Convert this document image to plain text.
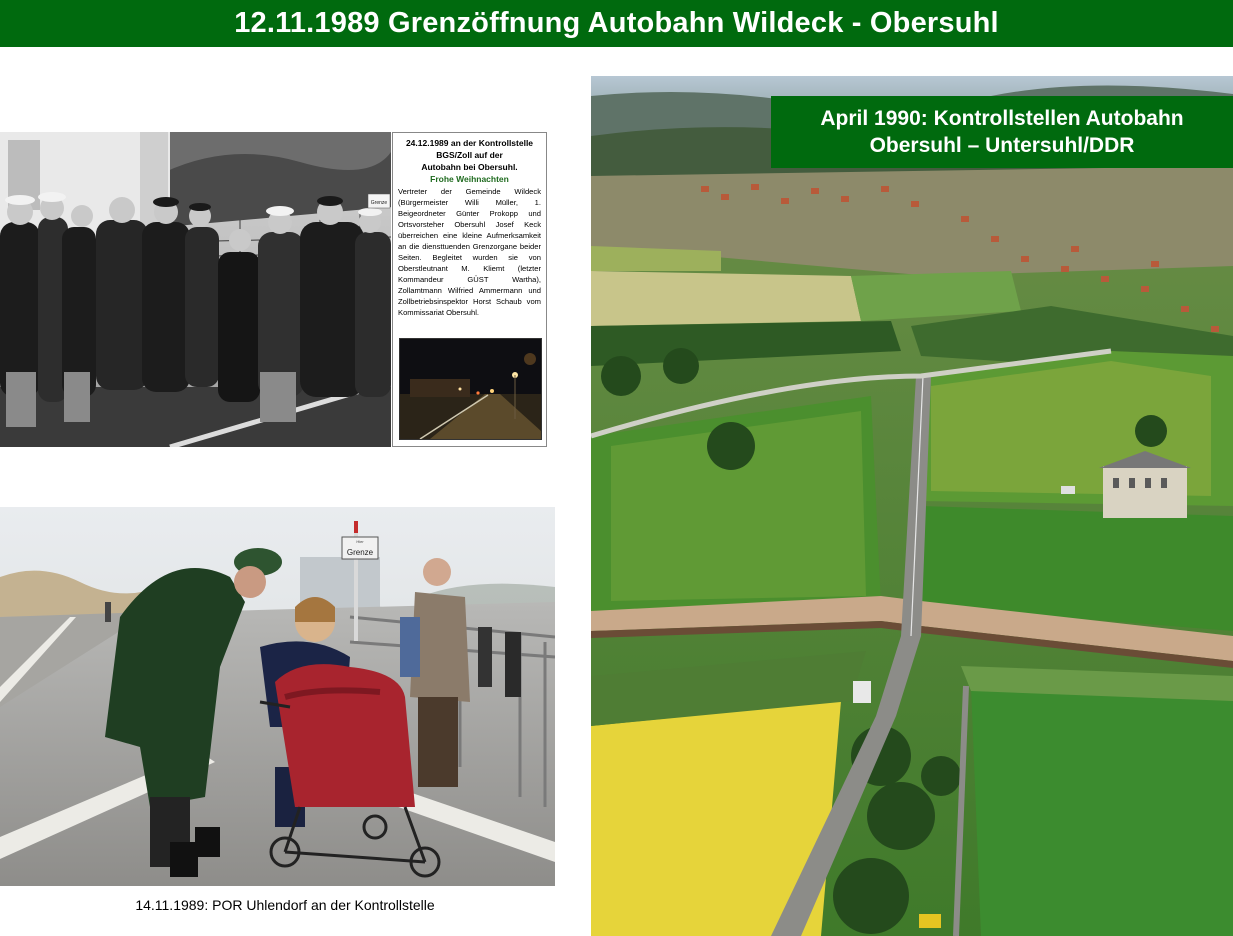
12.11.1989 Grenzöffnung Autobahn Wildeck - Obersuhl
Grenze
24.12.1989 an der Kontrollstelle
BGS/Zoll auf der
Autobahn bei Obersuhl.
Frohe Weihnachten
Vertreter der Gemeinde Wildeck (Bürgermeister Willi Müller, 1. Beigeordneter Günter Prokopp und Ortsvorsteher Obersuhl Josef Keck überreichen eine kleine Aufmerksamkeit an die diensttuenden Grenzorgane beider Seiten. Begleitet wurden sie von Oberstleutnant M. Kliemt (letzter Kommandeur GÜST Wartha), Zollamtmann Wilfried Ammermann und Zollbetriebsinspektor Horst Schaub vom Kommissariat Obersuhl.
Hier
Grenze
14.11.1989: POR Uhlendorf an der Kontrollstelle
April 1990: Kontrollstellen Autobahn
Obersuhl – Untersuhl/DDR
